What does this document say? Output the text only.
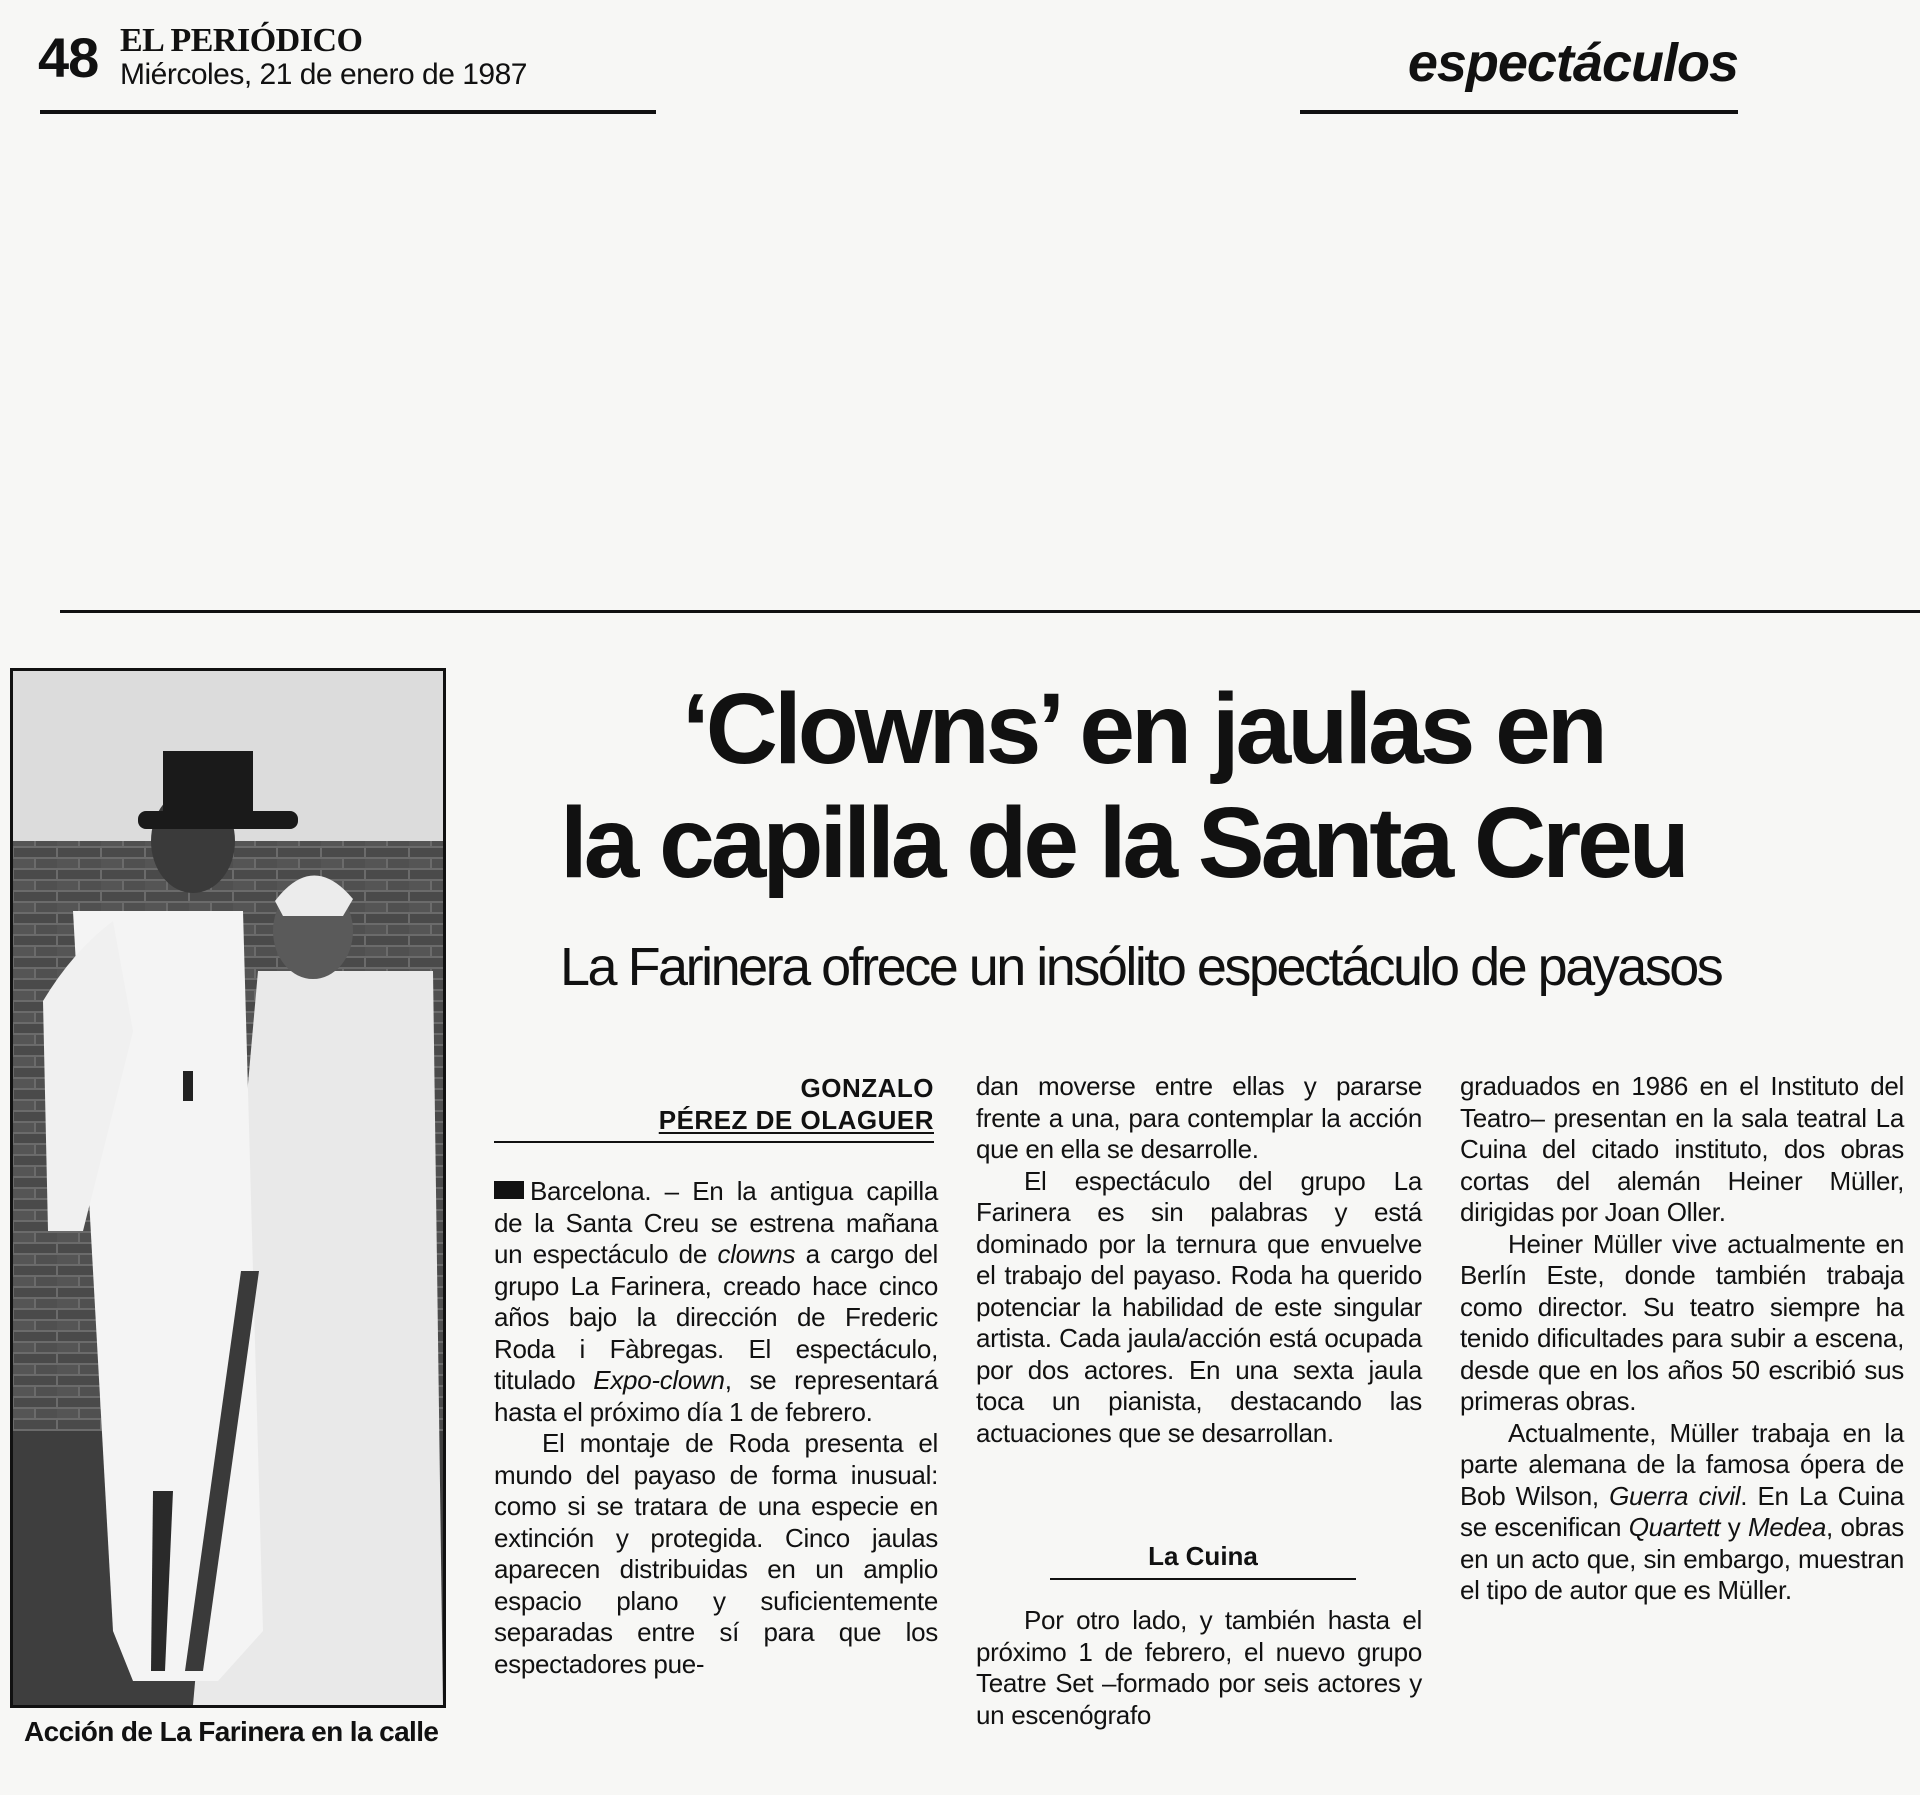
48 EL PERIÓDICO
Miércoles, 21 de enero de 1987	espectáculos
Acción de La Farinera en la calle
‘Clowns’ en jaulas en
la capilla de la Santa Creu
La Farinera ofrece un insólito espectáculo de payasos
GONZALO
PÉREZ DE OLAGUER

Barcelona. – En la antigua capilla de la Santa Creu se estrena mañana un espectáculo de clowns a cargo del grupo La Farinera, creado hace cinco años bajo la dirección de Frederic Roda i Fàbregas. El espectáculo, titulado Expo-clown, se representará hasta el próximo día 1 de febrero.

El montaje de Roda presenta el mundo del payaso de forma inusual: como si se tratara de una especie en extinción y protegida. Cinco jaulas aparecen distribuidas en un amplio espacio plano y suficientemente separadas entre sí para que los espectadores pue-

dan moverse entre ellas y pararse frente a una, para contemplar la acción que en ella se desarrolle.

El espectáculo del grupo La Farinera es sin palabras y está dominado por la ternura que envuelve el trabajo del payaso. Roda ha querido potenciar la habilidad de este singular artista. Cada jaula/acción está ocupada por dos actores. En una sexta jaula toca un pianista, destacando las actuaciones que se desarrollan.

La Cuina

Por otro lado, y también hasta el próximo 1 de febrero, el nuevo grupo Teatre Set –formado por seis actores y un escenógrafo

graduados en 1986 en el Instituto del Teatro– presentan en la sala teatral La Cuina del citado instituto, dos obras cortas del alemán Heiner Müller, dirigidas por Joan Oller.

Heiner Müller vive actualmente en Berlín Este, donde también trabaja como director. Su teatro siempre ha tenido dificultades para subir a escena, desde que en los años 50 escribió sus primeras obras.

Actualmente, Müller trabaja en la parte alemana de la famosa ópera de Bob Wilson, Guerra civil. En La Cuina se escenifican Quartett y Medea, obras en un acto que, sin embargo, muestran el tipo de autor que es Müller.
